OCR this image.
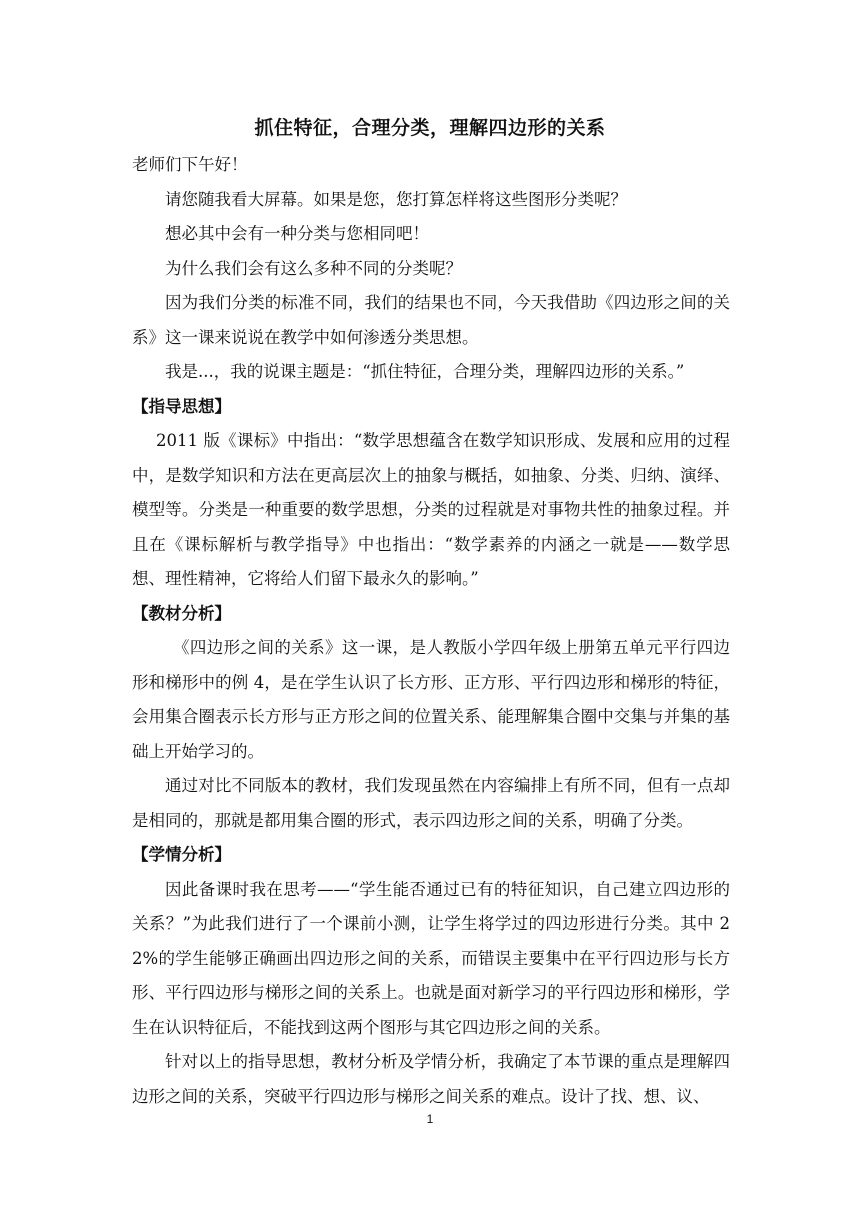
抓住特征，合理分类，理解四边形的关系

老师们下午好！

请您随我看大屏幕。如果是您，您打算怎样将这些图形分类呢？

想必其中会有一种分类与您相同吧！

为什么我们会有这么多种不同的分类呢？

因为我们分类的标准不同，我们的结果也不同，今天我借助《四边形之间的关系》这一课来说说在教学中如何渗透分类思想。

我是...，我的说课主题是：“抓住特征，合理分类，理解四边形的关系。”

【指导思想】

2011 版《课标》中指出：“数学思想蕴含在数学知识形成、发展和应用的过程中，是数学知识和方法在更高层次上的抽象与概括，如抽象、分类、归纳、演绎、模型等。分类是一种重要的数学思想，分类的过程就是对事物共性的抽象过程。并且在《课标解析与教学指导》中也指出：“数学素养的内涵之一就是——数学思想、理性精神，它将给人们留下最永久的影响。”

【教材分析】

《四边形之间的关系》这一课，是人教版小学四年级上册第五单元平行四边形和梯形中的例 4，是在学生认识了长方形、正方形、平行四边形和梯形的特征，会用集合圈表示长方形与正方形之间的位置关系、能理解集合圈中交集与并集的基础上开始学习的。

通过对比不同版本的教材，我们发现虽然在内容编排上有所不同，但有一点却是相同的，那就是都用集合圈的形式，表示四边形之间的关系，明确了分类。

【学情分析】

因此备课时我在思考——“学生能否通过已有的特征知识，自己建立四边形的关系？”为此我们进行了一个课前小测，让学生将学过的四边形进行分类。其中 22%的学生能够正确画出四边形之间的关系，而错误主要集中在平行四边形与长方形、平行四边形与梯形之间的关系上。也就是面对新学习的平行四边形和梯形，学生在认识特征后，不能找到这两个图形与其它四边形之间的关系。

针对以上的指导思想，教材分析及学情分析，我确定了本节课的重点是理解四边形之间的关系，突破平行四边形与梯形之间关系的难点。设计了找、想、议、

1
